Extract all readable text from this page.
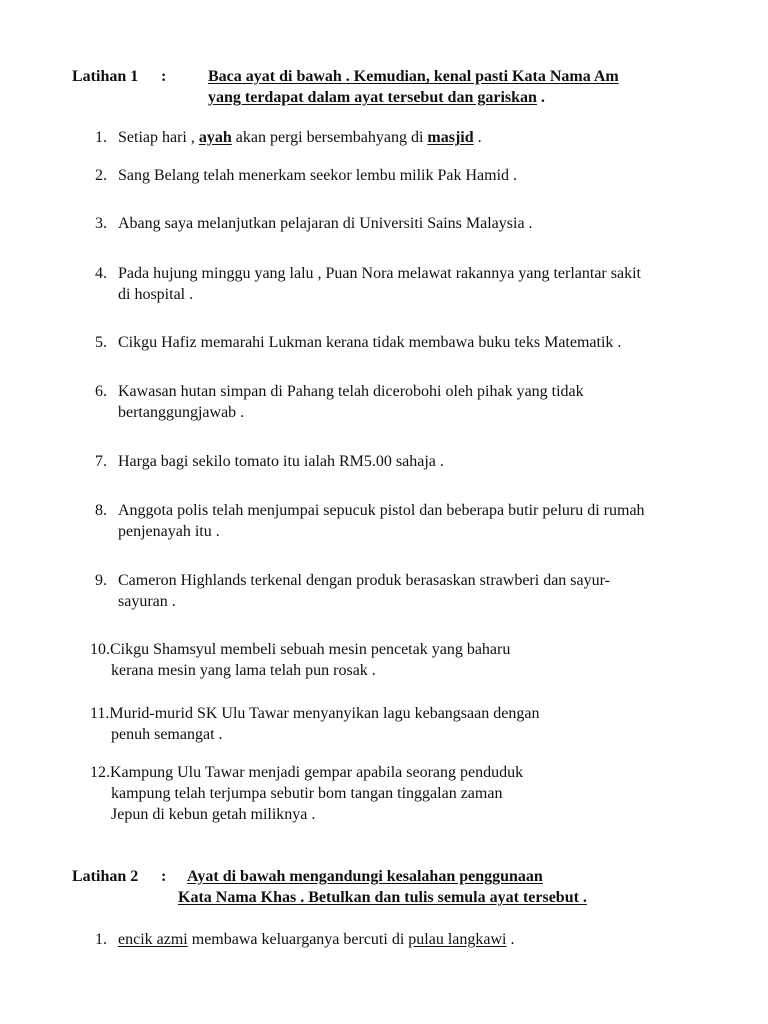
Latihan 1 :	Baca ayat di bawah . Kemudian, kenal pasti Kata Nama Am
yang terdapat dalam ayat tersebut dan gariskan .
1. Setiap hari , ayah akan pergi bersembahyang di masjid .
2. Sang Belang telah menerkam seekor lembu milik Pak Hamid .
3. Abang saya melanjutkan pelajaran di Universiti Sains Malaysia .
4. Pada hujung minggu yang lalu , Puan Nora melawat rakannya yang terlantar sakit
di hospital .
5. Cikgu Hafiz memarahi Lukman kerana tidak membawa buku teks Matematik .
6. Kawasan hutan simpan di Pahang telah dicerobohi oleh pihak yang tidak
bertanggungjawab .
7. Harga bagi sekilo tomato itu ialah RM5.00 sahaja .
8. Anggota polis telah menjumpai sepucuk pistol dan beberapa butir peluru di rumah
penjenayah itu .
9. Cameron Highlands terkenal dengan produk berasaskan strawberi dan sayur-
sayuran .
10.Cikgu Shamsyul membeli sebuah mesin pencetak yang baharu
kerana mesin yang lama telah pun rosak .
11.Murid-murid SK Ulu Tawar menyanyikan lagu kebangsaan dengan
penuh semangat .
12.Kampung Ulu Tawar menjadi gempar apabila seorang penduduk
kampung telah terjumpa sebutir bom tangan tinggalan zaman
Jepun di kebun getah miliknya .
Latihan 2 : Ayat di bawah mengandungi kesalahan penggunaan
Kata Nama Khas . Betulkan dan tulis semula ayat tersebut .
1. encik azmi membawa keluarganya bercuti di pulau langkawi .
